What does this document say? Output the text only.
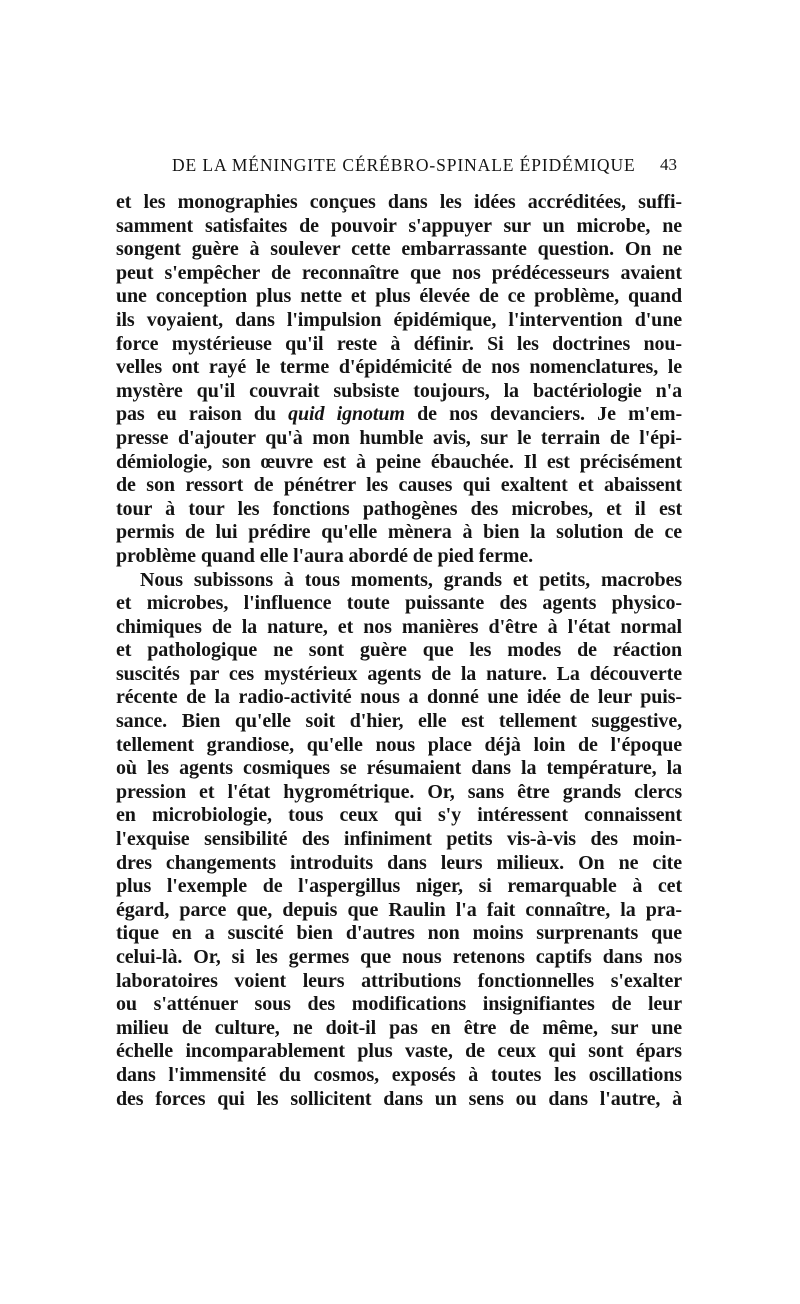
DE LA MÉNINGITE CÉRÉBRO-SPINALE ÉPIDÉMIQUE 43
et les monographies conçues dans les idées accréditées, suffi-
samment satisfaites de pouvoir s'appuyer sur un microbe, ne
songent guère à soulever cette embarrassante question. On ne
peut s'empêcher de reconnaître que nos prédécesseurs avaient
une conception plus nette et plus élevée de ce problème, quand
ils voyaient, dans l'impulsion épidémique, l'intervention d'une
force mystérieuse qu'il reste à définir. Si les doctrines nou-
velles ont rayé le terme d'épidémicité de nos nomenclatures, le
mystère qu'il couvrait subsiste toujours, la bactériologie n'a
pas eu raison du quid ignotum de nos devanciers. Je m'em-
presse d'ajouter qu'à mon humble avis, sur le terrain de l'épi-
démiologie, son œuvre est à peine ébauchée. Il est précisément
de son ressort de pénétrer les causes qui exaltent et abaissent
tour à tour les fonctions pathogènes des microbes, et il est
permis de lui prédire qu'elle mènera à bien la solution de ce
problème quand elle l'aura abordé de pied ferme.
Nous subissons à tous moments, grands et petits, macrobes
et microbes, l'influence toute puissante des agents physico-
chimiques de la nature, et nos manières d'être à l'état normal
et pathologique ne sont guère que les modes de réaction
suscités par ces mystérieux agents de la nature. La découverte
récente de la radio-activité nous a donné une idée de leur puis-
sance. Bien qu'elle soit d'hier, elle est tellement suggestive,
tellement grandiose, qu'elle nous place déjà loin de l'époque
où les agents cosmiques se résumaient dans la température, la
pression et l'état hygrométrique. Or, sans être grands clercs
en microbiologie, tous ceux qui s'y intéressent connaissent
l'exquise sensibilité des infiniment petits vis-à-vis des moin-
dres changements introduits dans leurs milieux. On ne cite
plus l'exemple de l'aspergillus niger, si remarquable à cet
égard, parce que, depuis que Raulin l'a fait connaître, la pra-
tique en a suscité bien d'autres non moins surprenants que
celui-là. Or, si les germes que nous retenons captifs dans nos
laboratoires voient leurs attributions fonctionnelles s'exalter
ou s'atténuer sous des modifications insignifiantes de leur
milieu de culture, ne doit-il pas en être de même, sur une
échelle incomparablement plus vaste, de ceux qui sont épars
dans l'immensité du cosmos, exposés à toutes les oscillations
des forces qui les sollicitent dans un sens ou dans l'autre, à
